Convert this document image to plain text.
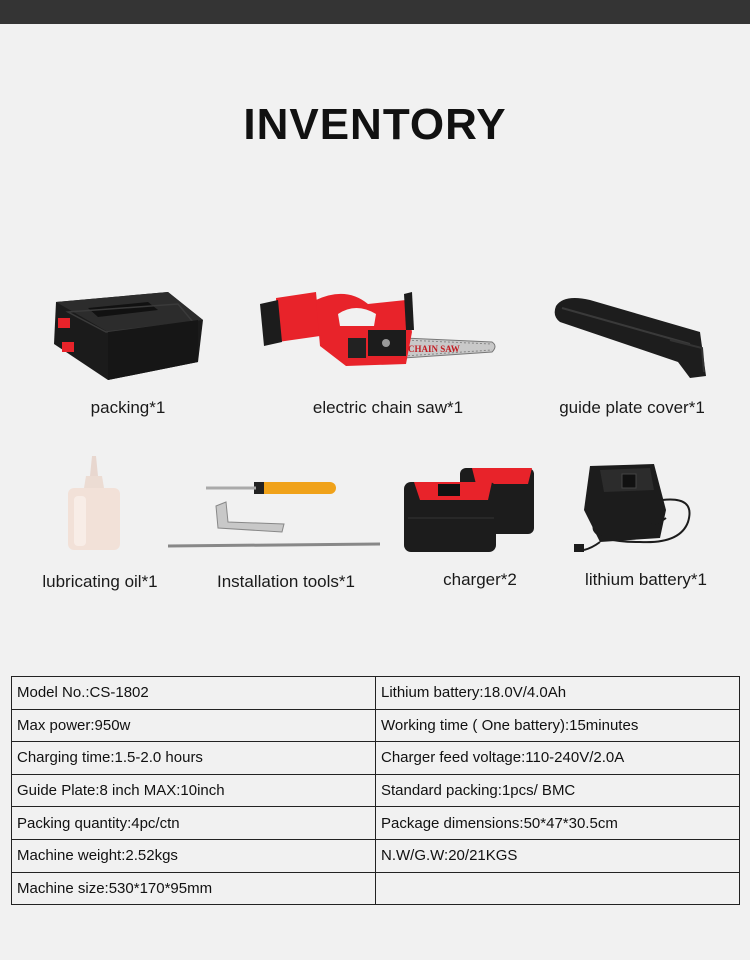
INVENTORY
packing*1
CHAIN SAW
electric chain saw*1	guide plate cover*1
lubricating oil*1	Installation tools*1	charger*2	lithium battery*1
Model No.:CS-1802	Lithium battery:18.0V/4.0Ah
Max power:950w	Working time ( One battery):15minutes
Charging time:1.5-2.0 hours	Charger feed voltage:110-240V/2.0A
Guide Plate:8 inch MAX:10inch	Standard packing:1pcs/ BMC
Packing quantity:4pc/ctn	Package dimensions:50*47*30.5cm
Machine weight:2.52kgs	N.W/G.W:20/21KGS
Machine size:530*170*95mm	
